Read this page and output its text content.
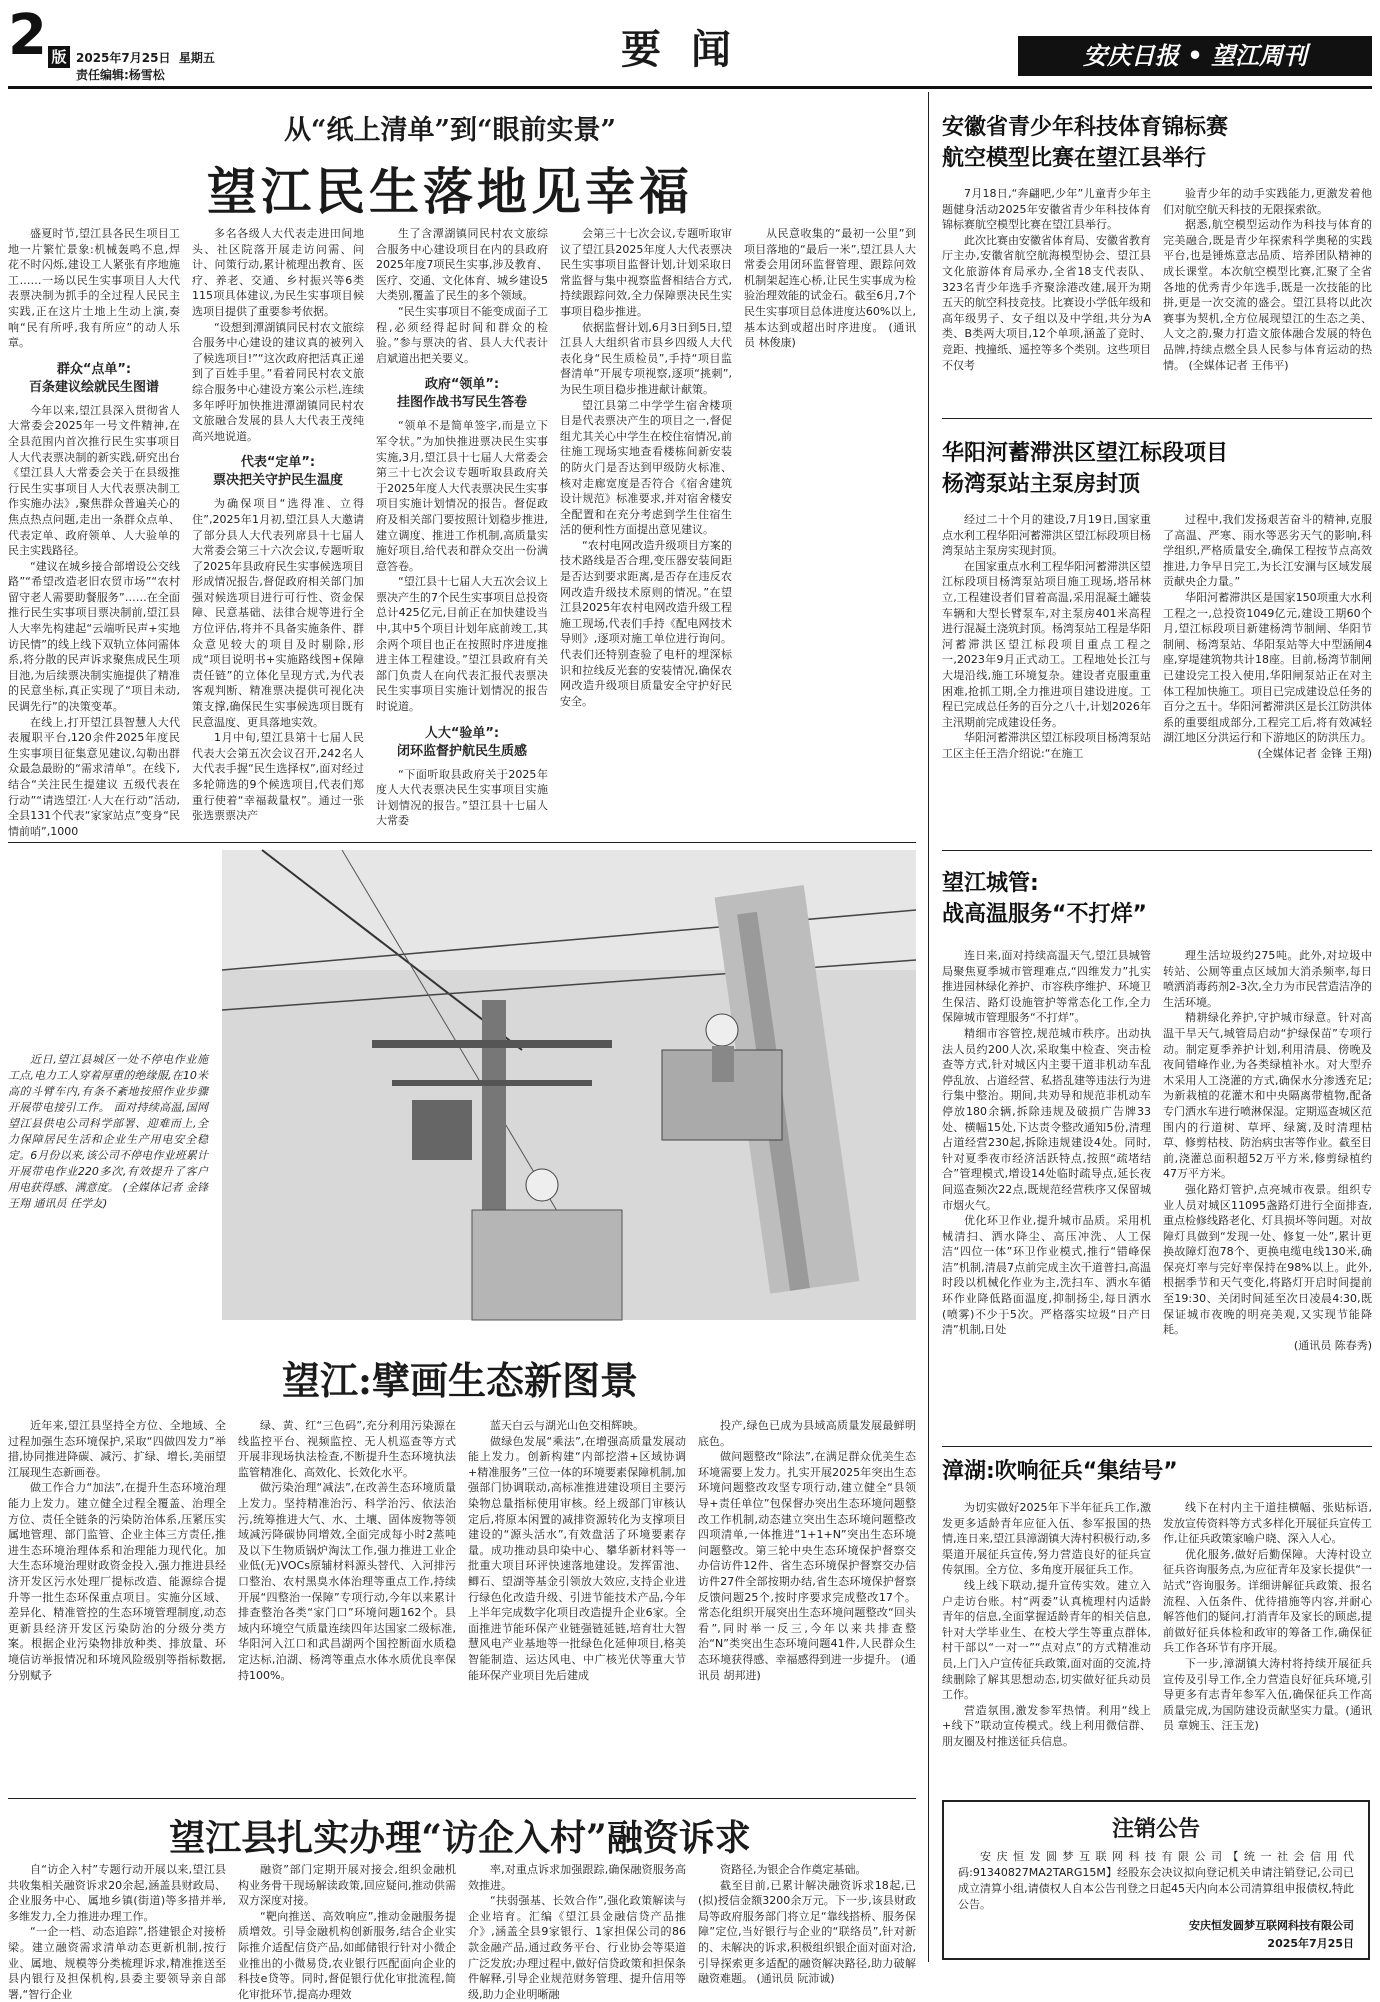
2 版 2025年7月25日 星期五
责任编辑:杨雪松
要 闻	安庆日报 • 望江周刊
从“纸上清单”到“眼前实景”
望江民生落地见幸福

盛夏时节,望江县各民生项目工地一片繁忙景象:机械轰鸣不息,焊花不时闪烁,建设工人紧张有序地施工……一场以民生实事项目人大代表票决制为抓手的全过程人民民主实践,正在这片土地上生动上演,奏响“民有所呼,我有所应”的动人乐章。

群众“点单”:
百条建议绘就民生图谱

今年以来,望江县深入贯彻省人大常委会2025年一号文件精神,在全县范围内首次推行民生实事项目人大代表票决制的新实践,研究出台《望江县人大常委会关于在县级推行民生实事项目人大代表票决制工作实施办法》,聚焦群众普遍关心的焦点热点问题,走出一条群众点单、代表定单、政府领单、人大验单的民主实践路径。

“建议在城乡接合部增设公交线路”“希望改造老旧农贸市场”“农村留守老人需要助餐服务”……在全面推行民生实事项目票决制前,望江县人大率先构建起“云端听民声+实地访民情”的线上线下双轨立体问需体系,将分散的民声诉求聚焦成民生项目池,为后续票决制实施提供了精准的民意坐标,真正实现了“项目未动,民调先行”的决策变革。

在线上,打开望江县智慧人大代表履职平台,120余件2025年度民生实事项目征集意见建议,勾勒出群众最急最盼的“需求清单”。在线下,结合“关注民生提建议 五级代表在行动”“请选望江·人大在行动”活动,全县131个代表“家家站点”变身“民情前哨”,1000

多名各级人大代表走进田间地头、社区院落开展走访问需、问计、问策行动,累计梳理出教育、医疗、养老、交通、乡村振兴等6类115项具体建议,为民生实事项目候选项目提供了重要参考依据。

“设想到潭湖镇同民村农文旅综合服务中心建设的建议真的被列入了候选项目!”“这次政府把活真正递到了百姓手里。”看着同民村农文旅综合服务中心建设方案公示栏,连续多年呼吁加快推进潭湖镇同民村农文旅融合发展的县人大代表王茂纯高兴地说道。

代表“定单”:
票决把关守护民生温度

为确保项目“选得准、立得住”,2025年1月初,望江县人大邀请了部分县人大代表列席县十七届人大常委会第三十六次会议,专题听取了2025年县政府民生实事候选项目形成情况报告,督促政府相关部门加强对候选项目进行可行性、资金保障、民意基础、法律合规等进行全方位评估,将并不具备实施条件、群众意见较大的项目及时剔除,形成“项目说明书+实施路线图+保障责任链”的立体化呈现方式,为代表客观判断、精准票决提供可视化决策支撑,确保民生实事候选项目既有民意温度、更具落地实效。

1月中旬,望江县第十七届人民代表大会第五次会议召开,242名人大代表手握“民生选择权”,面对经过多轮筛选的9个候选项目,代表们郑重行使着“幸福裁量权”。通过一张张选票票决产

生了含潭湖镇同民村农文旅综合服务中心建设项目在内的县政府2025年度7项民生实事,涉及教育、医疗、交通、文化体育、城乡建设5大类别,覆盖了民生的多个领域。

“民生实事项目不能变成面子工程,必须经得起时间和群众的检验。”参与票决的省、县人大代表计启斌道出把关要义。

政府“领单”:
挂图作战书写民生答卷

“领单不是简单签字,而是立下军令状。”为加快推进票决民生实事实施,3月,望江县十七届人大常委会第三十七次会议专题听取县政府关于2025年度人大代表票决民生实事项目实施计划情况的报告。督促政府及相关部门要按照计划稳步推进,建立调度、推进工作机制,高质量实施好项目,给代表和群众交出一份满意答卷。

“望江县十七届人大五次会议上票决产生的7个民生实事项目总投资总计425亿元,目前正在加快建设当中,其中5个项目计划年底前竣工,其余两个项目也正在按照时序进度推进主体工程建设。”望江县政府有关部门负责人在向代表汇报代表票决民生实事项目实施计划情况的报告时说道。

人大“验单”:
闭环监督护航民生质感

“下面听取县政府关于2025年度人大代表票决民生实事项目实施计划情况的报告。”望江县十七届人大常委

会第三十七次会议,专题听取审议了望江县2025年度人大代表票决民生实事项目监督计划,计划采取日常监督与集中视察监督相结合方式,持续跟踪问效,全力保障票决民生实事项目稳步推进。

依据监督计划,6月3日到5日,望江县人大组织省市县乡四级人大代表化身“民生质检员”,手持“项目监督清单”开展专项视察,逐项“挑刺”,为民生项目稳步推进献计献策。

望江县第二中学学生宿舍楼项目是代表票决产生的项目之一,督促组尤其关心中学生在校住宿情况,前往施工现场实地查看楼栋间新安装的防火门是否达到甲级防火标准、核对走廊宽度是否符合《宿舍建筑设计规范》标准要求,并对宿舍楼安全配置和在充分考虑到学生住宿生活的便利性方面提出意见建议。

“农村电网改造升级项目方案的技术路线是否合理,变压器安装间距是否达到要求距离,是否存在违反农网改造升级技术原则的情况。”在望江县2025年农村电网改造升级工程施工现场,代表们手持《配电网技术导则》,逐项对施工单位进行询问。代表们还特别查验了电杆的埋深标识和拉线反光套的安装情况,确保农网改造升级项目质量安全守护好民安全。

从民意收集的“最初一公里”到项目落地的“最后一米”,望江县人大常委会用闭环监督管理、跟踪问效机制架起连心桥,让民生实事成为检验治理效能的试金石。截至6月,7个民生实事项目总体进度达60%以上,基本达到或超出时序进度。 (通讯员 林俊康)

近日,望江县城区一处不停电作业施工点,电力工人穿着厚重的绝缘服,在10米高的斗臂车内,有条不紊地按照作业步骤开展带电接引工作。 面对持续高温,国网望江县供电公司科学部署、迎难而上,全力保障居民生活和企业生产用电安全稳定。6月份以来,该公司不停电作业班累计开展带电作业220多次,有效提升了客户用电获得感、满意度。 (全媒体记者 金锋 王翔 通讯员 任学友)

望江:擘画生态新图景

近年来,望江县坚持全方位、全地域、全过程加强生态环境保护,采取“四做四发力”举措,协同推进降碳、减污、扩绿、增长,美丽望江展现生态新画卷。

做工作合力“加法”,在提升生态环境治理能力上发力。建立健全过程全覆盖、治理全方位、责任全链条的污染防治体系,压紧压实属地管理、部门监管、企业主体三方责任,推进生态环境治理体系和治理能力现代化。加大生态环境治理财政资金投入,强力推进县经济开发区污水处理厂提标改造、能源综合提升等一批生态环保重点项目。实施分区域、差异化、精准管控的生态环境管理制度,动态更新县经济开发区污染防治的分级分类方案。根据企业污染物排放种类、排放量、环境信访举报情况和环境风险级别等指标数据,分别赋予

绿、黄、红“三色码”,充分利用污染源在线监控平台、视频监控、无人机巡查等方式开展非现场执法检查,不断提升生态环境执法监管精准化、高效化、长效化水平。

做污染治理“减法”,在改善生态环境质量上发力。坚持精准治污、科学治污、依法治污,统筹推进大气、水、土壤、固体废物等领域减污降碳协同增效,全面完成每小时2蒸吨及以下生物质锅炉淘汰工作,强力推进工业企业低(无)VOCs原辅材料源头替代、入河排污口整治、农村黑臭水体治理等重点工作,持续开展“四整治一保障”专项行动,今年以来累计排查整治各类“家门口”环境问题162个。县域内环境空气质量连续四年达国家二级标准,华阳河入江口和武昌湖两个国控断面水质稳定达标,泊湖、杨湾等重点水体水质优良率保持100%。

蓝天白云与湖光山色交相辉映。

做绿色发展“乘法”,在增强高质量发展动能上发力。创新构建“内部挖潜+区域协调+精准服务”三位一体的环境要素保障机制,加强部门协调联动,高标准推进建设项目主要污染物总量指标使用审核。经上级部门审核认定后,将原本闲置的减排资源转化为支撑项目建设的“源头活水”,有效盘活了环境要素存量。成功推动县印染中心、攀华新材料等一批重大项目环评快速落地建设。发挥雷池、鲫石、望湖等基金引领放大效应,支持企业进行绿色化改造升级、引进节能技术产品,今年上半年完成数字化项目改造提升企业6家。全面推进节能环保产业链强链延链,培育壮大智慧风电产业基地等一批绿色化延伸项目,格美智能制造、运达风电、中广核光伏等重大节能环保产业项目先后建成

投产,绿色已成为县域高质量发展最鲜明底色。

做问题整改“除法”,在满足群众优美生态环境需要上发力。扎实开展2025年突出生态环境问题整改攻坚专项行动,建立健全“县领导+责任单位”包保督办突出生态环境问题整改工作机制,动态建立突出生态环境问题整改四项清单,一体推进“1+1+N”突出生态环境问题整改。第三轮中央生态环境保护督察交办信访件12件、省生态环境保护督察交办信访件27件全部按期办结,省生态环境保护督察反馈问题25个,按时序要求完成整改17个。常态化组织开展突出生态环境问题整改“回头看”,同时举一反三,今年以来共排查整治“N”类突出生态环境问题41件,人民群众生态环境获得感、幸福感得到进一步提升。 (通讯员 胡邦进)

望江县扎实办理“访企入村”融资诉求

自“访企入村”专题行动开展以来,望江县共收集相关融资诉求20余起,涵盖县财政局、企业服务中心、属地乡镇(街道)等多措并举,多维发力,全力推进办理工作。

“一企一档、动态追踪”,搭建银企对接桥梁。建立融资需求清单动态更新机制,按行业、属地、规模等分类梳理诉求,精准推送至县内银行及担保机构,县委主要领导亲自部署,“智行企业

融资”部门定期开展对接会,组织金融机构业务骨干现场解读政策,回应疑问,推动供需双方深度对接。

“靶向推送、高效响应”,推动金融服务提质增效。引导金融机构创新服务,结合企业实际推介适配信贷产品,如邮储银行针对小微企业推出的小微易贷,农业银行匹配面向企业的科技e贷等。同时,督促银行优化审批流程,简化审批环节,提高办理效

率,对重点诉求加强跟踪,确保融资服务高效推进。

“扶弱强基、长效合作”,强化政策解读与企业培育。汇编《望江县金融信贷产品推介》,涵盖全县9家银行、1家担保公司的86款金融产品,通过政务平台、行业协会等渠道广泛发放;办理过程中,做好信贷政策和担保条件解释,引导企业规范财务管理、提升信用等级,助力企业明晰融

资路径,为银企合作奠定基础。

截至目前,已累计解决融资诉求18起,已(拟)授信金额3200余万元。下一步,该县财政局等政府服务部门将立足“靠线搭桥、服务保障”定位,当好银行与企业的“联络员”,针对新的、未解决的诉求,积极组织银企面对面对洽,引导探索更多适配的融资解决路径,助力破解融资难题。 (通讯员 阮沛诚)

安徽省青少年科技体育锦标赛
航空模型比赛在望江县举行

7月18日,“奔翩吧,少年”儿童青少年主题健身活动2025年安徽省青少年科技体育锦标赛航空模型比赛在望江县举行。

此次比赛由安徽省体育局、安徽省教育厅主办,安徽省航空航海模型协会、望江县文化旅游体育局承办,全省18支代表队、323名青少年选手齐聚涂港改建,展开为期五天的航空科技竞技。比赛设小学低年级和高年级男子、女子组以及中学组,共分为A类、B类两大项目,12个单项,涵盖了竞时、竞距、拽撞纸、遥控等多个类别。这些项目不仅考

验青少年的动手实践能力,更激发着他们对航空航天科技的无限探索欲。

据悉,航空模型运动作为科技与体育的完美融合,既是青少年探索科学奥秘的实践平台,也是锤炼意志品质、培养团队精神的成长课堂。本次航空模型比赛,汇聚了全省各地的优秀青少年选手,既是一次技能的比拼,更是一次交流的盛会。望江县将以此次赛事为契机,全方位展现望江的生态之美、人文之韵,聚力打造文旅体融合发展的特色品牌,持续点燃全县人民参与体育运动的热情。 (全媒体记者 王伟平)

华阳河蓄滞洪区望江标段项目
杨湾泵站主泵房封顶

经过二十个月的建设,7月19日,国家重点水利工程华阳河蓄滞洪区望江标段项目杨湾泵站主泵房实现封顶。

在国家重点水利工程华阳河蓄滞洪区望江标段项目杨湾泵站项目施工现场,塔吊林立,工程建设者们冒着高温,采用混凝土罐装车辆和大型长臂泵车,对主泵房401米高程进行混凝土浇筑封顶。杨湾泵站工程是华阳河蓄滞洪区望江标段项目重点工程之一,2023年9月正式动工。工程地处长江与大堤沿线,施工环境复杂。建设者克服重重困难,抢抓工期,全力推进项目建设进度。工程已完成总任务的百分之八十,计划2026年主汛期前完成建设任务。

华阳河蓄滞洪区望江标段项目杨湾泵站工区主任王浩介绍说:“在施工

过程中,我们发扬艰苦奋斗的精神,克服了高温、严寒、雨水等恶劣天气的影响,科学组织,严格质量安全,确保工程按节点高效推进,力争早日完工,为长江安澜与区域发展贡献央企力量。”

华阳河蓄滞洪区是国家150项重大水利工程之一,总投资1049亿元,建设工期60个月,望江标段项目新建杨湾节制闸、华阳节制闸、杨湾泵站、华阳泵站等大中型涵闸4座,穿堤建筑物共计18座。目前,杨湾节制闸已建设完工投入使用,华阳闸泵站正在对主体工程加快施工。项目已完成建设总任务的百分之五十。华阳河蓄滞洪区是长江防洪体系的重要组成部分,工程完工后,将有效减轻湖江地区分洪运行和下游地区的防洪压力。

(全媒体记者 金锋 王翔)

望江城管:
战高温服务“不打烊”

连日来,面对持续高温天气,望江县城管局聚焦夏季城市管理难点,“四维发力”扎实推进园林绿化养护、市容秩序维护、环境卫生保洁、路灯设施管护等常态化工作,全力保障城市管理服务“不打烊”。

精细市容管控,规范城市秩序。出动执法人员约200人次,采取集中检查、突击检查等方式,针对城区内主要干道非机动车乱停乱放、占道经营、私搭乱建等违法行为进行集中整治。期间,共劝导和规范非机动车停放180余辆,拆除违规及破损广告牌33处、横幅15处,下达责令整改通知5份,清理占道经营230起,拆除违规建设4处。同时,针对夏季夜市经济活跃特点,按照“疏堵结合”管理模式,增设14处临时疏导点,延长夜间巡查频次22点,既规范经营秩序又保留城市烟火气。

优化环卫作业,提升城市品质。采用机械清扫、洒水降尘、高压冲洗、人工保洁“四位一体”环卫作业模式,推行“错峰保洁”机制,清晨7点前完成主次干道普扫,高温时段以机械化作业为主,洗扫车、洒水车循环作业降低路面温度,抑制扬尘,每日洒水(喷雾)不少于5次。严格落实垃圾“日产日清”机制,日处

理生活垃圾约275吨。此外,对垃圾中转站、公厕等重点区域加大消杀频率,每日喷洒消毒药剂2-3次,全力为市民营造洁净的生活环境。

精耕绿化养护,守护城市绿意。针对高温干旱天气,城管局启动“护绿保苗”专项行动。制定夏季养护计划,利用清晨、傍晚及夜间错峰作业,为各类绿植补水。对大型乔木采用人工浇灌的方式,确保水分渗透充足;为新栽植的花灌木和中央隔离带植物,配备专门洒水车进行喷淋保湿。定期巡查城区范围内的行道树、草坪、绿篱,及时清理枯草、修剪枯枝、防治病虫害等作业。截至目前,浇灌总面积超52万平方米,修剪绿植约47万平方米。

强化路灯管护,点亮城市夜景。组织专业人员对城区11095盏路灯进行全面排查,重点检修线路老化、灯具损坏等问题。对故障灯具做到“发现一处、修复一处”,累计更换故障灯泡78个、更换电缆电线130米,确保亮灯率与完好率保持在98%以上。此外,根据季节和天气变化,将路灯开启时间提前至19:30、关闭时间延至次日凌晨4:30,既保证城市夜晚的明亮美观,又实现节能降耗。

(通讯员 陈春秀)

漳湖:吹响征兵“集结号”

为切实做好2025年下半年征兵工作,激发更多适龄青年应征入伍、参军报国的热情,连日来,望江县漳湖镇大涛村积极行动,多渠道开展征兵宣传,努力营造良好的征兵宣传氛围。全方位、多角度开展征兵工作。

线上线下联动,提升宣传实效。建立入户走访台账。村“两委”认真梳理村内适龄青年的信息,全面掌握适龄青年的相关信息,针对大学毕业生、在校大学生等重点群体,村干部以“一对一”“点对点”的方式精准动员,上门入户宣传征兵政策,面对面的交流,持续删除了解其思想动态,切实做好征兵动员工作。

营造氛围,激发参军热情。利用“线上+线下”联动宣传模式。线上利用微信群、朋友圈及村推送征兵信息。

线下在村内主干道挂横幅、张贴标语,发放宣传资料等方式多样化开展征兵宣传工作,让征兵政策家喻户晓、深入人心。

优化服务,做好后勤保障。大涛村设立征兵咨询服务点,为应征青年及家长提供“一站式”咨询服务。详细讲解征兵政策、报名流程、入伍条件、优待措施等内容,并耐心解答他们的疑问,打消青年及家长的顾虑,提前做好征兵体检和政审的筹备工作,确保征兵工作各环节有序开展。

下一步,漳湖镇大涛村将持续开展征兵宣传及引导工作,全力营造良好征兵环境,引导更多有志青年参军入伍,确保征兵工作高质量完成,为国防建设贡献坚实力量。(通讯员 章婉玉、汪玉龙)

注销公告
安庆恒发圆梦互联网科技有限公司【统一社会信用代码:91340827MA2TARG15M】经股东会决议拟向登记机关申请注销登记,公司已成立清算小组,请债权人自本公告刊登之日起45天内向本公司清算组申报债权,特此公告。
安庆恒发圆梦互联网科技有限公司
2025年7月25日
